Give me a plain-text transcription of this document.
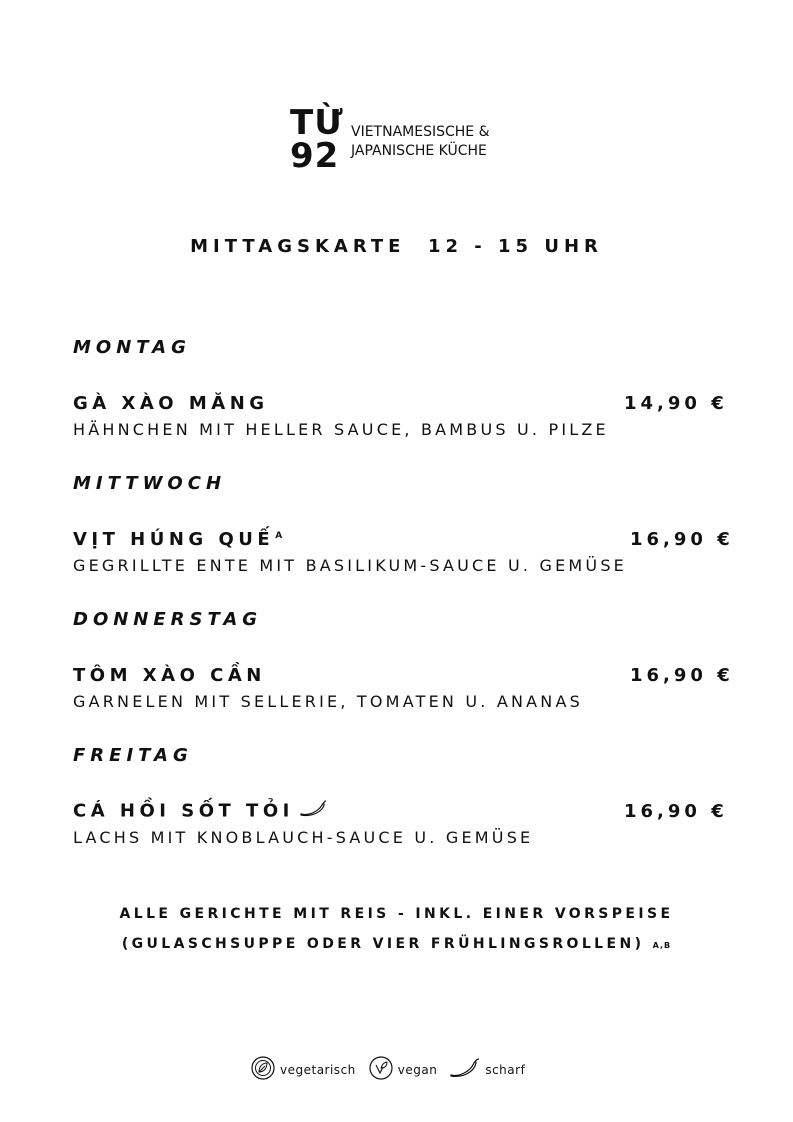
TỪ
92
VIETNAMESISCHE &
JAPANISCHE KÜCHE
MITTAGSKARTE  12 - 15 UHR
MONTAG
GÀ XÀO MĂNG	14,90 €
HÄHNCHEN MIT HELLER SAUCE, BAMBUS U. PILZE
MITTWOCH
VỊT HÚNG QUẾ$^A$	16,90 €
GEGRILLTE ENTE MIT BASILIKUM-SAUCE U. GEMÜSE
DONNERSTAG
TÔM XÀO CẦN	16,90 €
GARNELEN MIT SELLERIE, TOMATEN U. ANANAS
FREITAG
CÁ HỒI SỐT TỎI	16,90 €
LACHS MIT KNOBLAUCH-SAUCE U. GEMÜSE
ALLE GERICHTE MIT REIS - INKL. EINER VORSPEISE
(GULASCHSUPPE ODER VIER FRÜHLINGSROLLEN) A,B
vegetarisch	vegan	scharf
